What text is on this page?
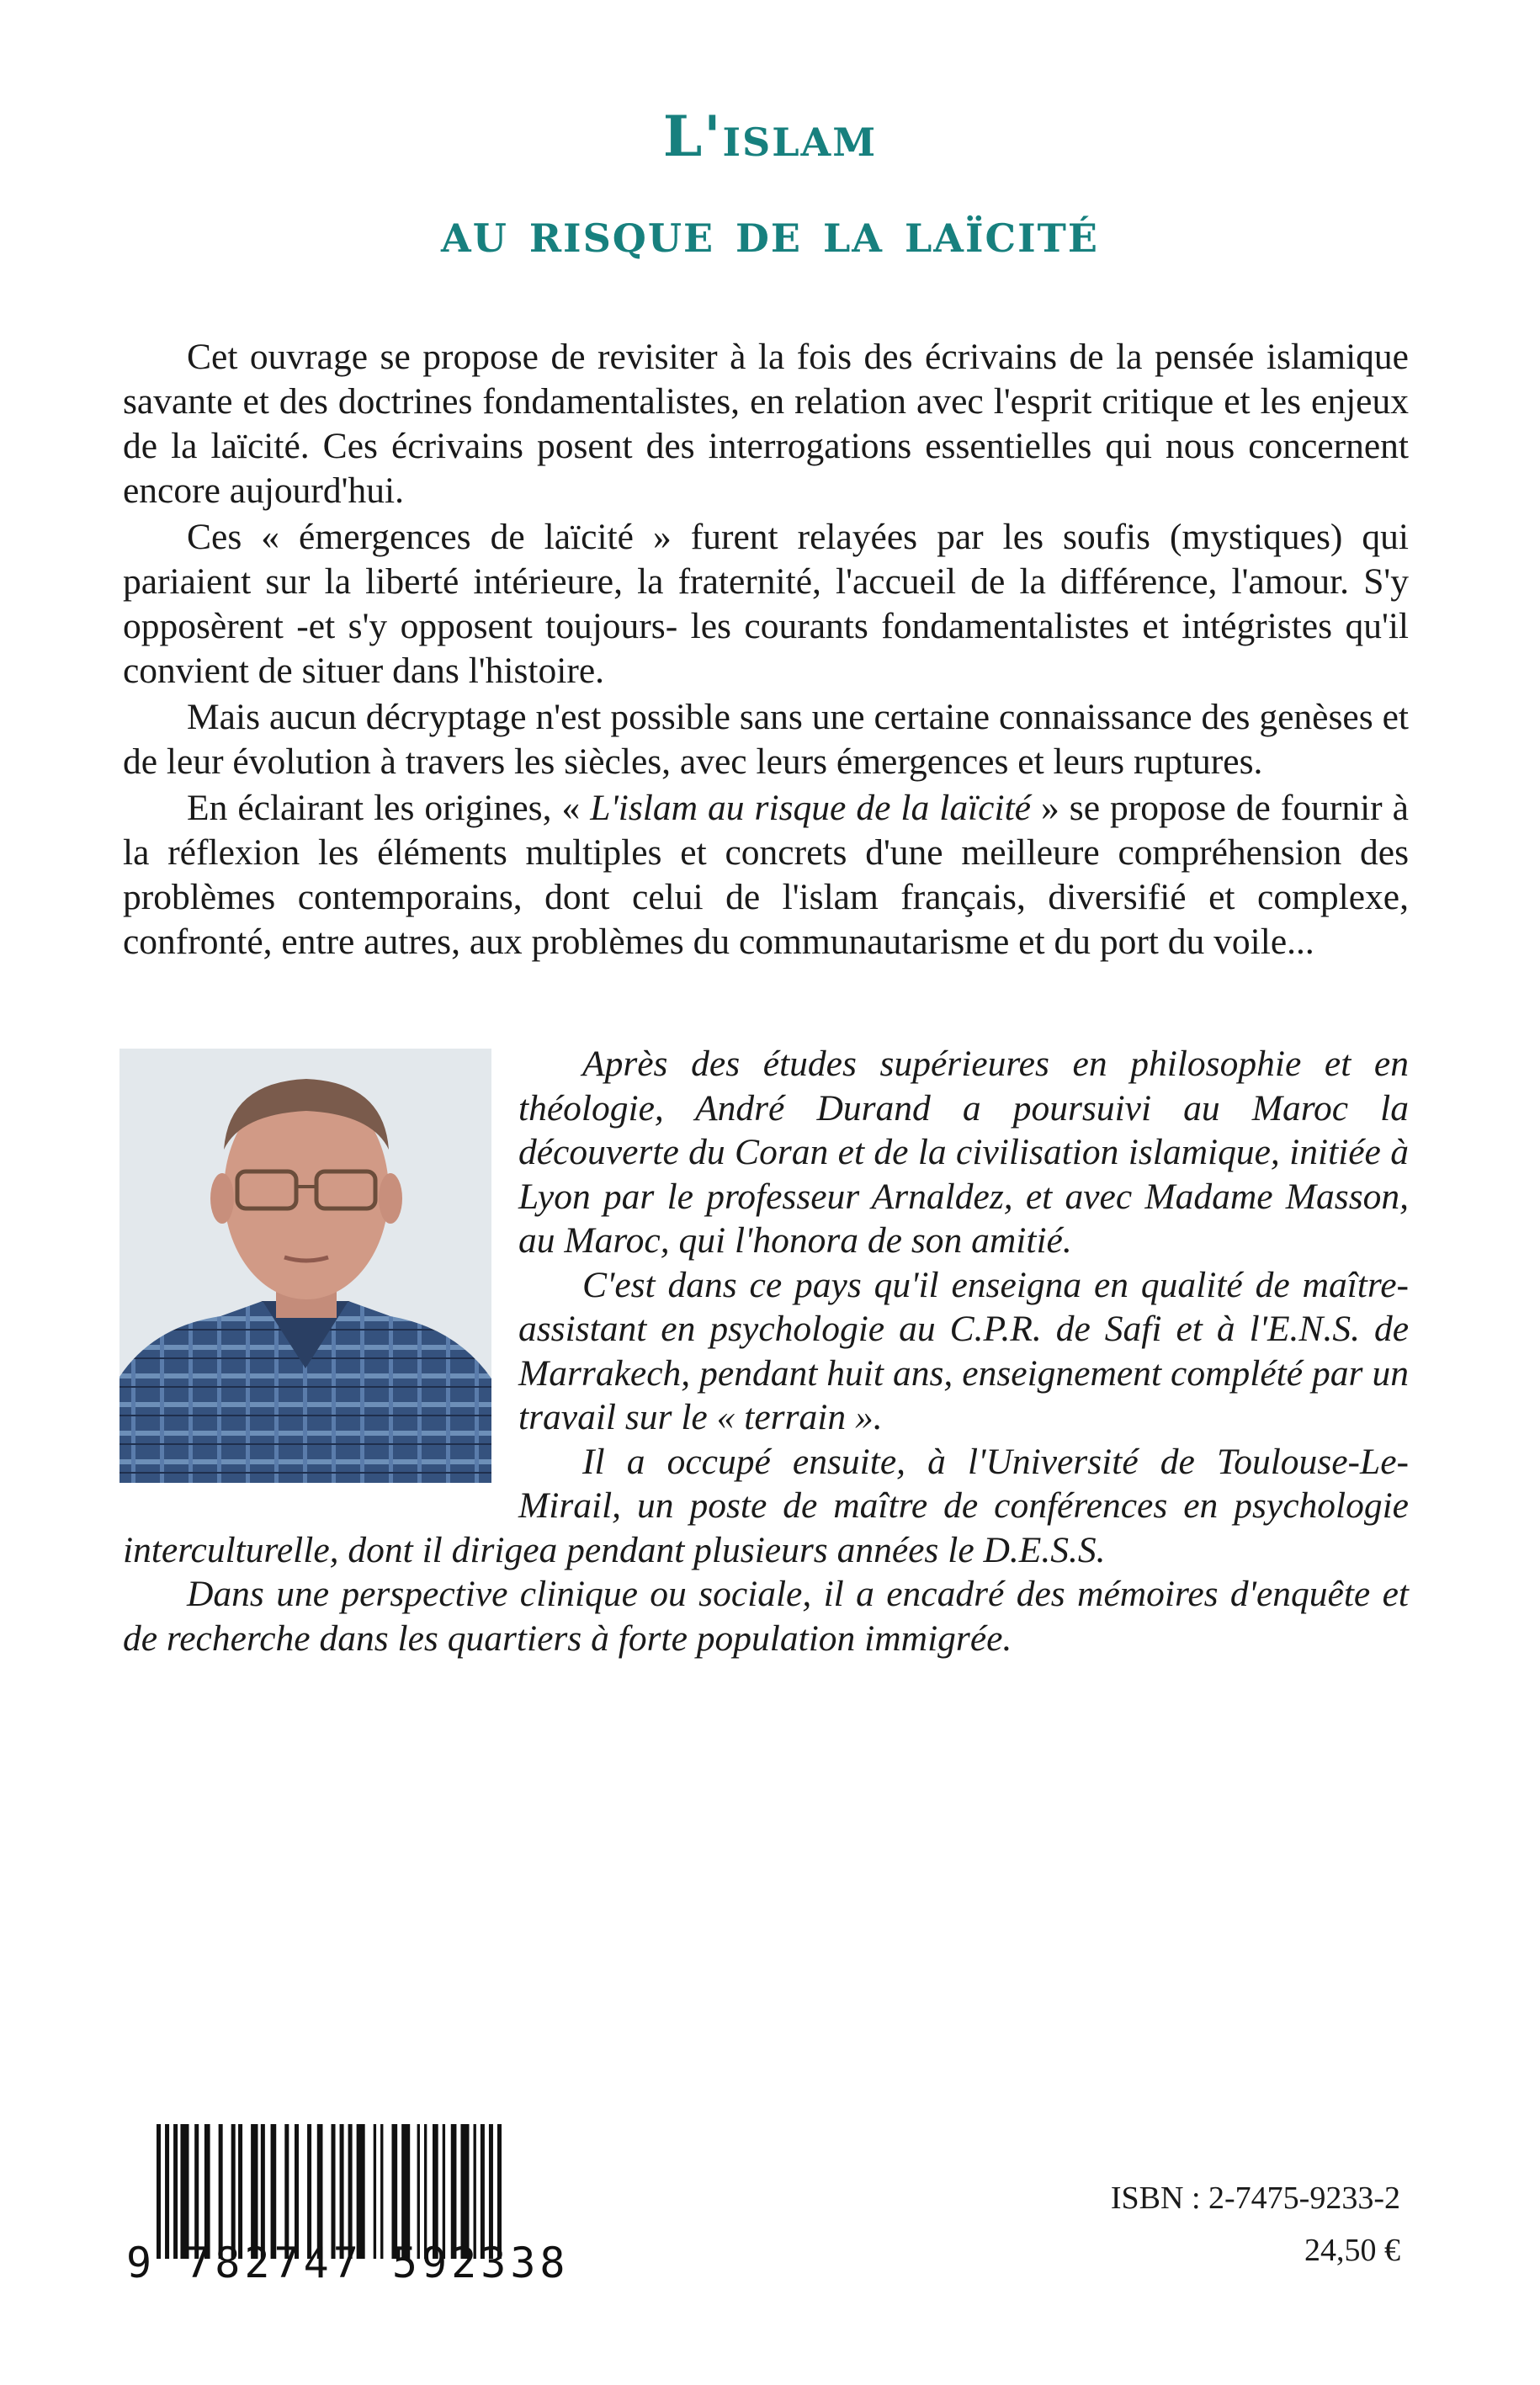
L'islam
au risque de la laïcité

Cet ouvrage se propose de revisiter à la fois des écrivains de la pensée islamique savante et des doctrines fondamentalistes, en relation avec l'esprit critique et les enjeux de la laïcité. Ces écrivains posent des interrogations essentielles qui nous concernent encore aujourd'hui.

Ces « émergences de laïcité » furent relayées par les soufis (mystiques) qui pariaient sur la liberté intérieure, la fraternité, l'accueil de la différence, l'amour. S'y opposèrent -et s'y opposent toujours- les courants fondamentalistes et intégristes qu'il convient de situer dans l'histoire.

Mais aucun décryptage n'est possible sans une certaine connaissance des genèses et de leur évolution à travers les siècles, avec leurs émergences et leurs ruptures.

En éclairant les origines, « L'islam au risque de la laïcité » se propose de fournir à la réflexion les éléments multiples et concrets d'une meilleure compréhension des problèmes contemporains, dont celui de l'islam français, diversifié et complexe, confronté, entre autres, aux problèmes du communautarisme et du port du voile...

Après des études supérieures en philosophie et en théologie, André Durand a poursuivi au Maroc la découverte du Coran et de la civilisation islamique, initiée à Lyon par le professeur Arnaldez, et avec Madame Masson, au Maroc, qui l'honora de son amitié.

C'est dans ce pays qu'il enseigna en qualité de maître-assistant en psychologie au C.P.R. de Safi et à l'E.N.S. de Marrakech, pendant huit ans, enseignement complété par un travail sur le « terrain ».

Il a occupé ensuite, à l'Université de Toulouse-Le-Mirail, un poste de maître de conférences en psychologie interculturelle, dont il dirigea pendant plusieurs années le D.E.S.S.

Dans une perspective clinique ou sociale, il a encadré des mémoires d'enquête et de recherche dans les quartiers à forte population immigrée.

9 782747 592338
ISBN : 2-7475-9233-2
24,50 €
